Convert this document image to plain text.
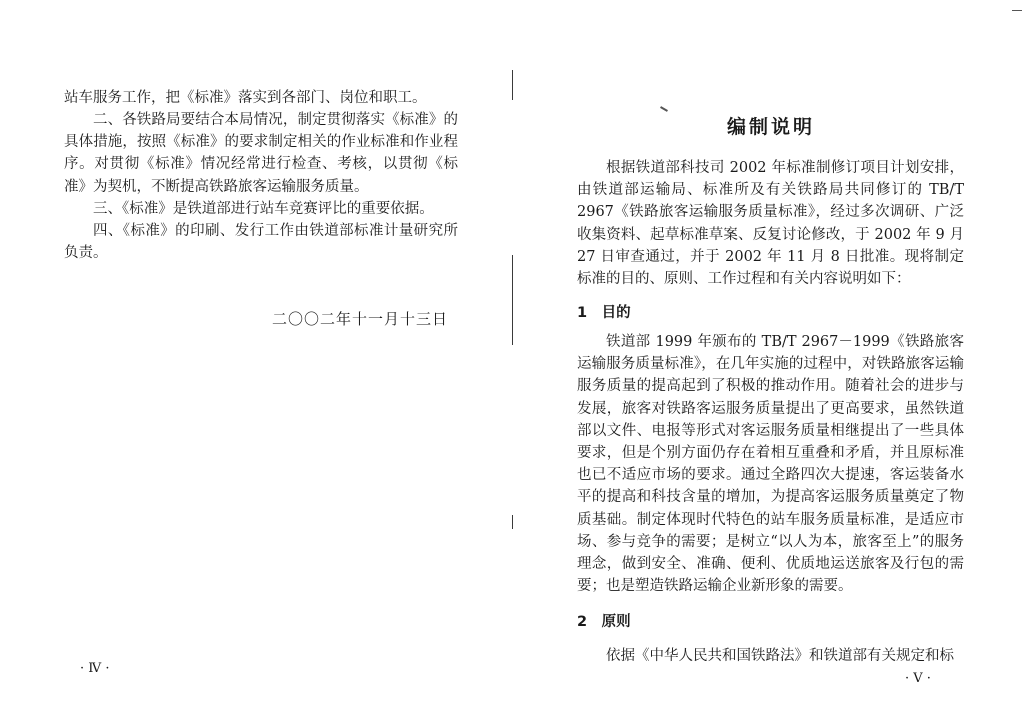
站车服务工作，把《标准》落实到各部门、岗位和职工。

二、各铁路局要结合本局情况，制定贯彻落实《标准》的具体措施，按照《标准》的要求制定相关的作业标准和作业程序。对贯彻《标准》情况经常进行检查、考核，以贯彻《标准》为契机，不断提高铁路旅客运输服务质量。

三、《标准》是铁道部进行站车竞赛评比的重要依据。

四、《标准》的印刷、发行工作由铁道部标准计量研究所负责。

二〇〇二年十一月十三日
· Ⅳ ·
编制说明

根据铁道部科技司 2002 年标准制修订项目计划安排，由铁道部运输局、标准所及有关铁路局共同修订的 TB/T 2967《铁路旅客运输服务质量标准》，经过多次调研、广泛收集资料、起草标准草案、反复讨论修改，于 2002 年 9 月 27 日审查通过，并于 2002 年 11 月 8 日批准。现将制定标准的目的、原则、工作过程和有关内容说明如下：

1　目的

铁道部 1999 年颁布的 TB/T 2967－1999《铁路旅客运输服务质量标准》，在几年实施的过程中，对铁路旅客运输服务质量的提高起到了积极的推动作用。随着社会的进步与发展，旅客对铁路客运服务质量提出了更高要求，虽然铁道部以文件、电报等形式对客运服务质量相继提出了一些具体要求，但是个别方面仍存在着相互重叠和矛盾，并且原标准也已不适应市场的要求。通过全路四次大提速，客运装备水平的提高和科技含量的增加，为提高客运服务质量奠定了物质基础。制定体现时代特色的站车服务质量标准，是适应市场、参与竞争的需要；是树立“以人为本，旅客至上”的服务理念，做到安全、准确、便利、优质地运送旅客及行包的需要；也是塑造铁路运输企业新形象的需要。

2　原则

依据《中华人民共和国铁路法》和铁道部有关规定和标

· Ⅴ ·
